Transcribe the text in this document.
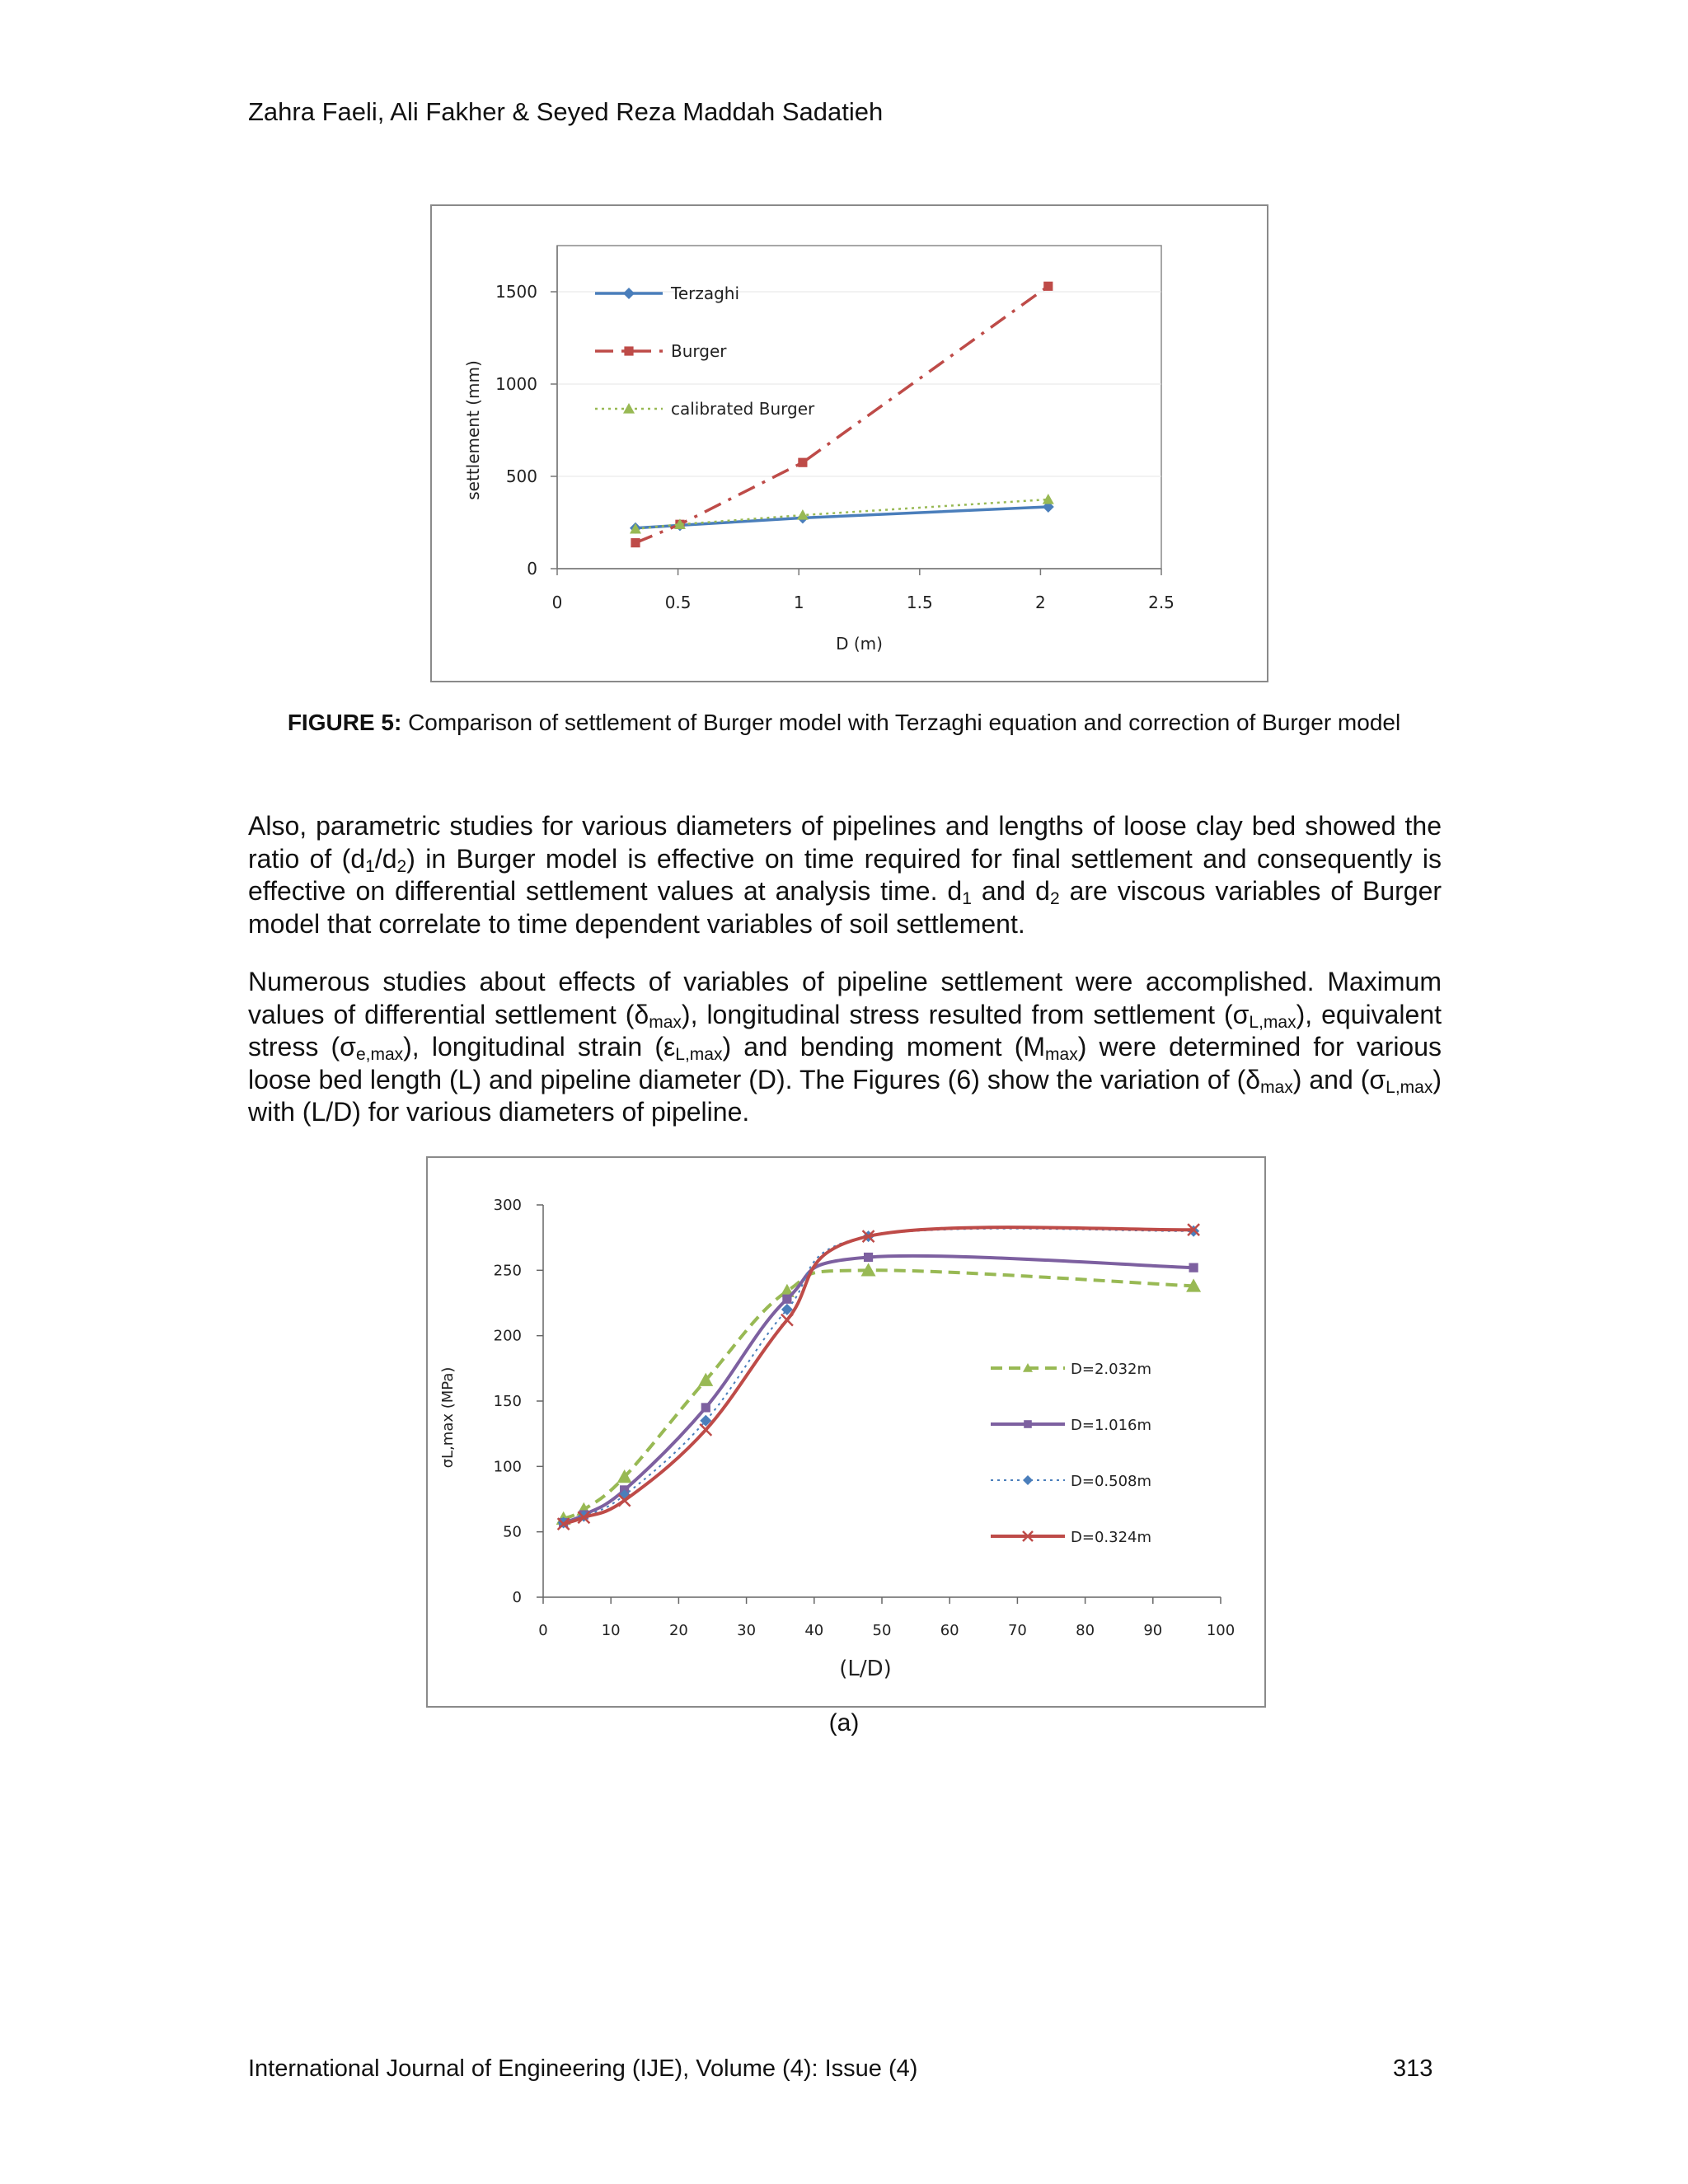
Zahra Faeli, Ali Fakher & Seyed Reza Maddah Sadatieh
0
500
1000
1500
0	0.5	1	1.5	2	2.5
D (m)
settlement (mm)
Terzaghi
Burger
calibrated Burger
FIGURE 5: Comparison of settlement of Burger model with Terzaghi equation and correction of Burger model
Also, parametric studies for various diameters of pipelines and lengths of loose clay bed showed the ratio of $(d_1/d_2)$ in Burger model is effective on time required for final settlement and consequently is effective on differential settlement values at analysis time. $d_1$ and $d_2$ are viscous variables of Burger model that correlate to time dependent variables of soil settlement.
Numerous studies about effects of variables of pipeline settlement were accomplished. Maximum values of differential settlement $(\delta_{max})$, longitudinal stress resulted from settlement $(\sigma_{L,max})$, equivalent stress $(\sigma_{e,max})$, longitudinal strain $(\varepsilon_{L,max})$ and bending moment $(M_{max})$ were determined for various loose bed length (L) and pipeline diameter (D). The Figures (6) show the variation of $(\delta_{max})$ and $(\sigma_{L,max})$ with (L/D) for various diameters of pipeline.
0
50
100
150
200
250
300
0	10	20	30	40	50	60	70	80	90	100
(L/D)
σL,max (MPa)	D=2.032m
D=1.016m
D=0.508m
D=0.324m
(a)
International Journal of Engineering (IJE), Volume (4): Issue (4)	313
